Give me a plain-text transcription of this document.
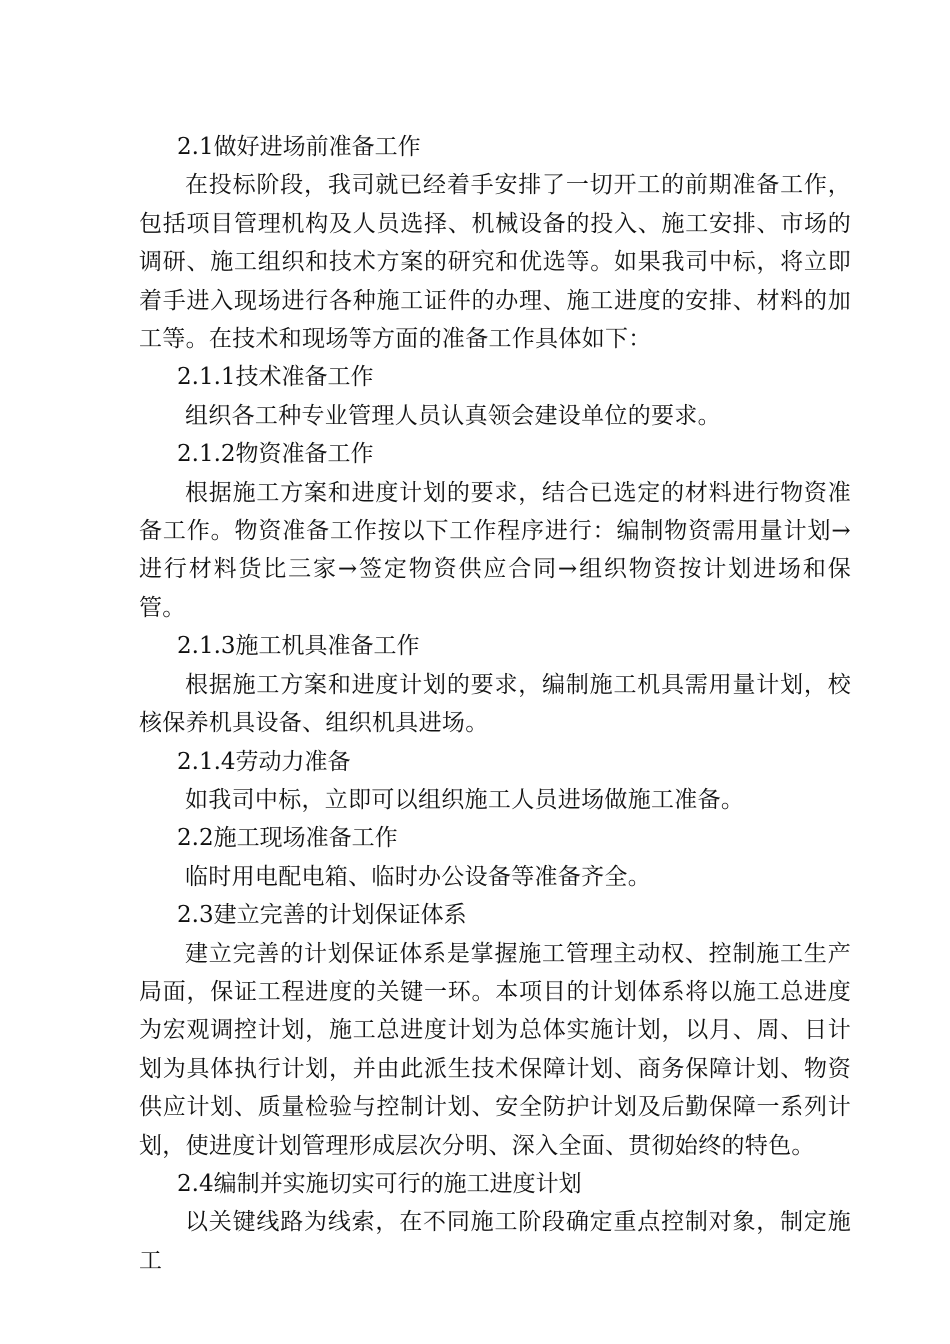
2.1做好进场前准备工作

在投标阶段，我司就已经着手安排了一切开工的前期准备工作，包括项目管理机构及人员选择、机械设备的投入、施工安排、市场的调研、施工组织和技术方案的研究和优选等。如果我司中标，将立即着手进入现场进行各种施工证件的办理、施工进度的安排、材料的加工等。在技术和现场等方面的准备工作具体如下：

2.1.1技术准备工作

组织各工种专业管理人员认真领会建设单位的要求。

2.1.2物资准备工作

根据施工方案和进度计划的要求，结合已选定的材料进行物资准备工作。物资准备工作按以下工作程序进行：编制物资需用量计划→进行材料货比三家→签定物资供应合同→组织物资按计划进场和保管。

2.1.3施工机具准备工作

根据施工方案和进度计划的要求，编制施工机具需用量计划，校核保养机具设备、组织机具进场。

2.1.4劳动力准备

如我司中标，立即可以组织施工人员进场做施工准备。

2.2施工现场准备工作

临时用电配电箱、临时办公设备等准备齐全。

2.3建立完善的计划保证体系

建立完善的计划保证体系是掌握施工管理主动权、控制施工生产局面，保证工程进度的关键一环。本项目的计划体系将以施工总进度为宏观调控计划，施工总进度计划为总体实施计划，以月、周、日计划为具体执行计划，并由此派生技术保障计划、商务保障计划、物资供应计划、质量检验与控制计划、安全防护计划及后勤保障一系列计划，使进度计划管理形成层次分明、深入全面、贯彻始终的特色。

2.4编制并实施切实可行的施工进度计划

以关键线路为线索，在不同施工阶段确定重点控制对象，制定施工
